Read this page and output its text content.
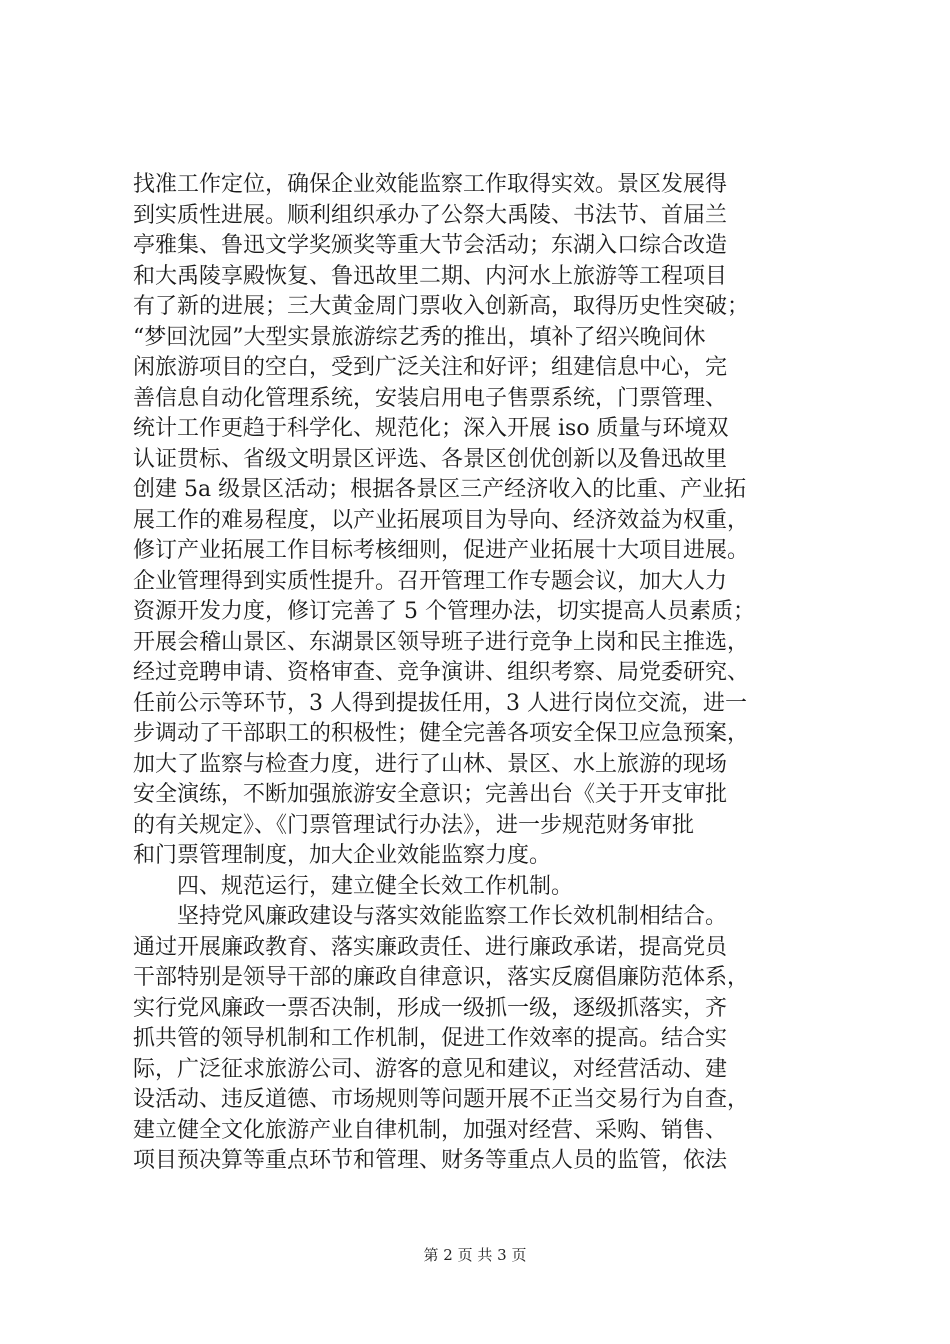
找准工作定位，确保企业效能监察工作取得实效。景区发展得
到实质性进展。顺利组织承办了公祭大禹陵、书法节、首届兰
亭雅集、鲁迅文学奖颁奖等重大节会活动；东湖入口综合改造
和大禹陵享殿恢复、鲁迅故里二期、内河水上旅游等工程项目
有了新的进展；三大黄金周门票收入创新高，取得历史性突破；
“梦回沈园”大型实景旅游综艺秀的推出，填补了绍兴晚间休
闲旅游项目的空白，受到广泛关注和好评；组建信息中心，完
善信息自动化管理系统，安装启用电子售票系统，门票管理、
统计工作更趋于科学化、规范化；深入开展 iso 质量与环境双
认证贯标、省级文明景区评选、各景区创优创新以及鲁迅故里
创建 5a 级景区活动；根据各景区三产经济收入的比重、产业拓
展工作的难易程度，以产业拓展项目为导向、经济效益为权重，
修订产业拓展工作目标考核细则，促进产业拓展十大项目进展。
企业管理得到实质性提升。召开管理工作专题会议，加大人力
资源开发力度，修订完善了 5 个管理办法，切实提高人员素质；
开展会稽山景区、东湖景区领导班子进行竞争上岗和民主推选，
经过竞聘申请、资格审查、竞争演讲、组织考察、局党委研究、
任前公示等环节，3 人得到提拔任用，3 人进行岗位交流，进一
步调动了干部职工的积极性；健全完善各项安全保卫应急预案，
加大了监察与检查力度，进行了山林、景区、水上旅游的现场
安全演练，不断加强旅游安全意识；完善出台《关于开支审批
的有关规定》、《门票管理试行办法》，进一步规范财务审批
和门票管理制度，加大企业效能监察力度。
四、规范运行，建立健全长效工作机制。
坚持党风廉政建设与落实效能监察工作长效机制相结合。
通过开展廉政教育、落实廉政责任、进行廉政承诺，提高党员
干部特别是领导干部的廉政自律意识，落实反腐倡廉防范体系，
实行党风廉政一票否决制，形成一级抓一级，逐级抓落实，齐
抓共管的领导机制和工作机制，促进工作效率的提高。结合实
际，广泛征求旅游公司、游客的意见和建议，对经营活动、建
设活动、违反道德、市场规则等问题开展不正当交易行为自查，
建立健全文化旅游产业自律机制，加强对经营、采购、销售、
项目预决算等重点环节和管理、财务等重点人员的监管，依法
第 2 页 共 3 页
